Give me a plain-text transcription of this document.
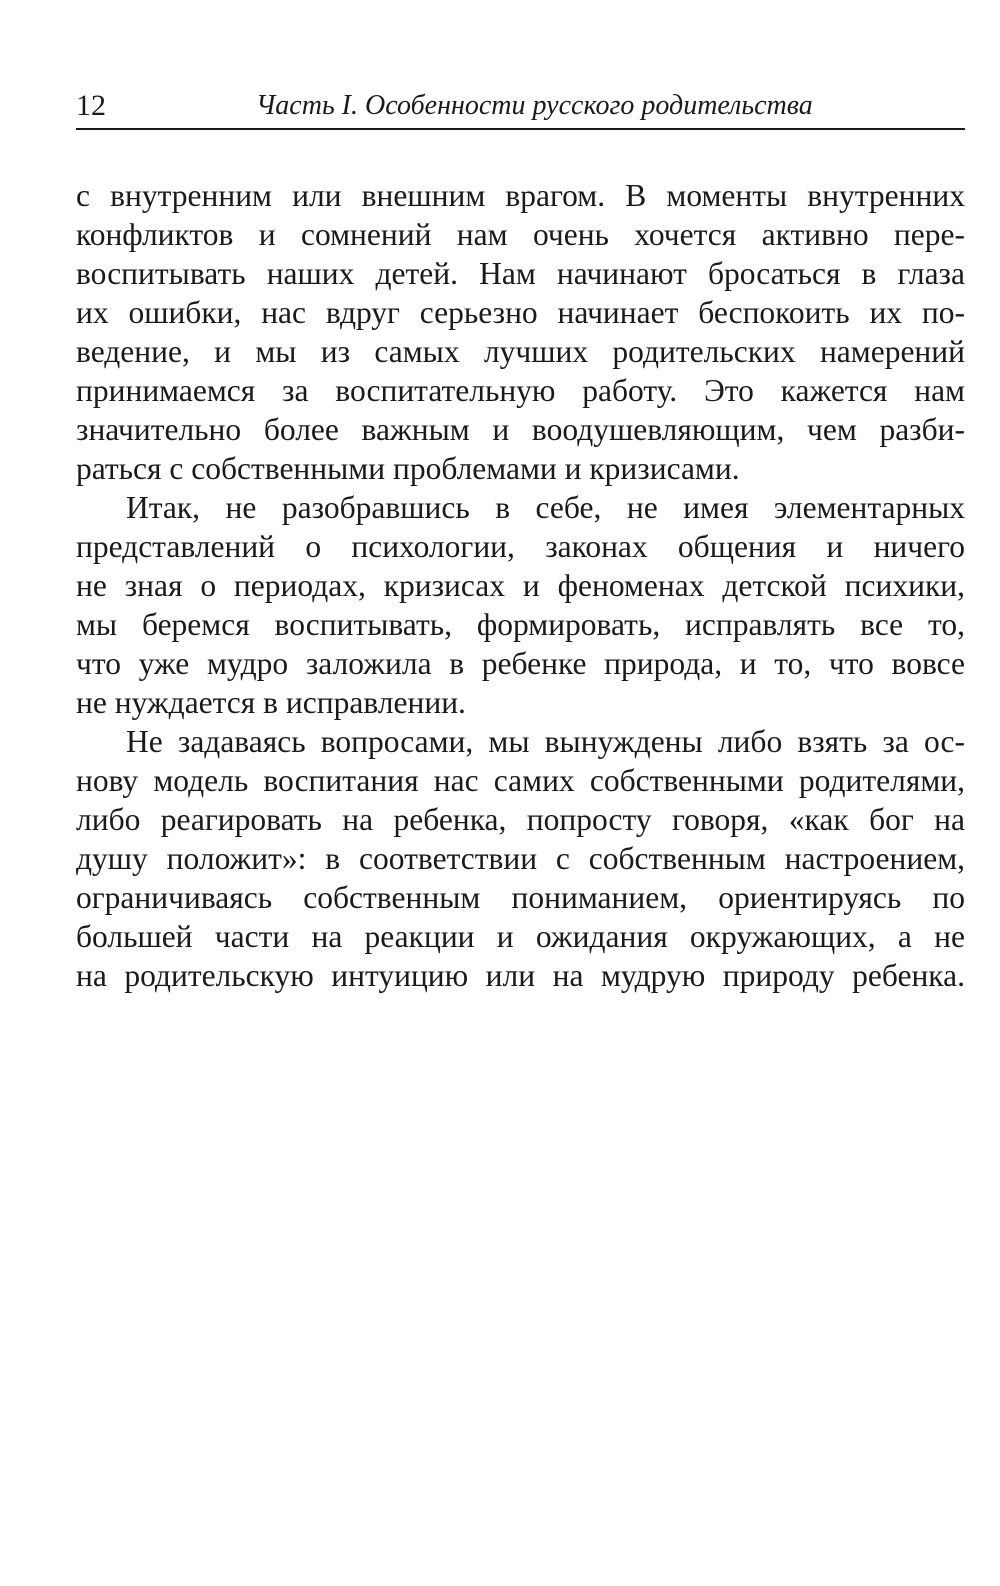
12	Часть I. Особенности русского родительства
с внутренним или внешним врагом. В моменты внутренних
конфликтов и сомнений нам очень хочется активно пере-
воспитывать наших детей. Нам начинают бросаться в глаза
их ошибки, нас вдруг серьезно начинает беспокоить их по-
ведение, и мы из самых лучших родительских намерений
принимаемся за воспитательную работу. Это кажется нам
значительно более важным и воодушевляющим, чем разби-
раться с собственными проблемами и кризисами.
Итак, не разобравшись в себе, не имея элементарных
представлений о психологии, законах общения и ничего
не зная о периодах, кризисах и феноменах детской психики,
мы беремся воспитывать, формировать, исправлять все то,
что уже мудро заложила в ребенке природа, и то, что вовсе
не нуждается в исправлении.
Не задаваясь вопросами, мы вынуждены либо взять за ос-
нову модель воспитания нас самих собственными родителями,
либо реагировать на ребенка, попросту говоря, «как бог на
душу положит»: в соответствии с собственным настроением,
ограничиваясь собственным пониманием, ориентируясь по
большей части на реакции и ожидания окружающих, а не
на родительскую интуицию или на мудрую природу ребенка.
